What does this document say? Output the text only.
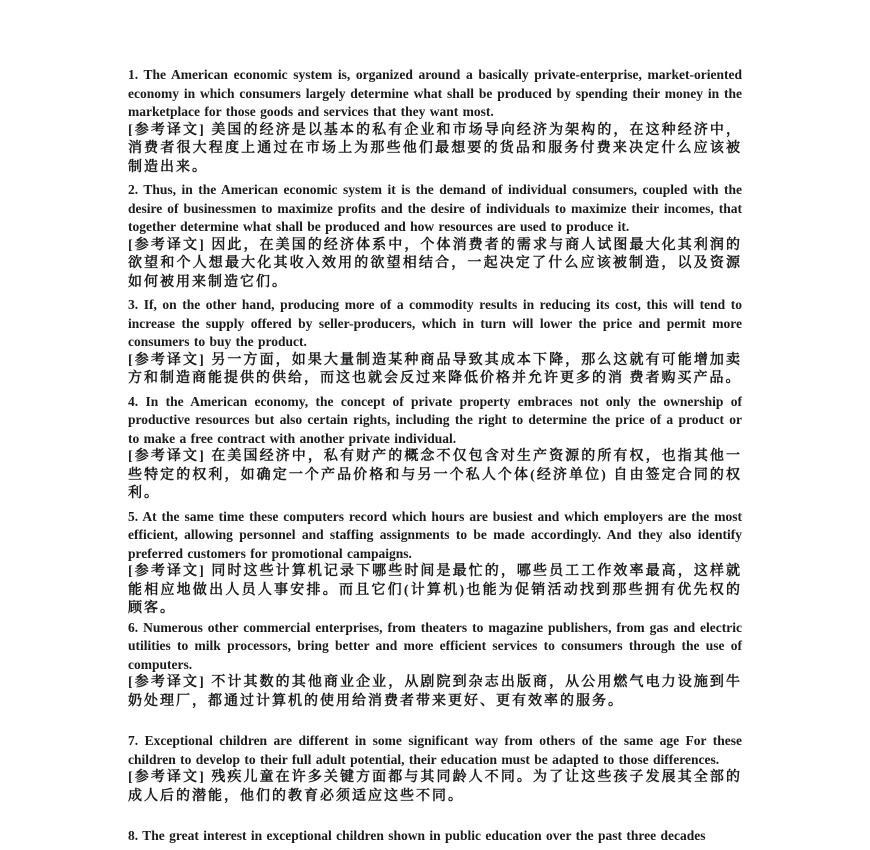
1. The American economic system is, organized around a basically private-enterprise, market-oriented economy in which consumers largely determine what shall be produced by spending their money in the marketplace for those goods and services that they want most.
[参考译文] 美国的经济是以基本的私有企业和市场导向经济为架构的，在这种经济中，消费者很大程度上通过在市场上为那些他们最想要的货品和服务付费来决定什么应该被制造出来。
2. Thus, in the American economic system it is the demand of individual consumers, coupled with the desire of businessmen to maximize profits and the desire of individuals to maximize their incomes, that together determine what shall be produced and how resources are used to produce it.
[参考译文] 因此，在美国的经济体系中，个体消费者的需求与商人试图最大化其利润的欲望和个人想最大化其收入效用的欲望相结合，一起决定了什么应该被制造，以及资源如何被用来制造它们。
3. If, on the other hand, producing more of a commodity results in reducing its cost, this will tend to increase the supply offered by seller-producers, which in turn will lower the price and permit more consumers to buy the product.
[参考译文] 另一方面，如果大量制造某种商品导致其成本下降，那么这就有可能增加卖方和制造商能提供的供给，而这也就会反过来降低价格并允许更多的消 费者购买产品。
4. In the American economy, the concept of private property embraces not only the ownership of productive resources but also certain rights, including the right to determine the price of a product or to make a free contract with another private individual.
[参考译文] 在美国经济中，私有财产的概念不仅包含对生产资源的所有权，也指其他一些特定的权利，如确定一个产品价格和与另一个私人个体(经济单位) 自由签定合同的权利。
5. At the same time these computers record which hours are busiest and which employers are the most efficient, allowing personnel and staffing assignments to be made accordingly. And they also identify preferred customers for promotional campaigns.
[参考译文] 同时这些计算机记录下哪些时间是最忙的，哪些员工工作效率最高，这样就能相应地做出人员人事安排。而且它们(计算机)也能为促销活动找到那些拥有优先权的顾客。
6. Numerous other commercial enterprises, from theaters to magazine publishers, from gas and electric utilities to milk processors, bring better and more efficient services to consumers through the use of computers.
[参考译文] 不计其数的其他商业企业，从剧院到杂志出版商，从公用燃气电力设施到牛奶处理厂，都通过计算机的使用给消费者带来更好、更有效率的服务。
7. Exceptional children are different in some significant way from others of the same age For these children to develop to their full adult potential, their education must be adapted to those differences.
[参考译文] 残疾儿童在许多关键方面都与其同龄人不同。为了让这些孩子发展其全部的成人后的潜能，他们的教育必须适应这些不同。
8. The great interest in exceptional children shown in public education over the past three decades
